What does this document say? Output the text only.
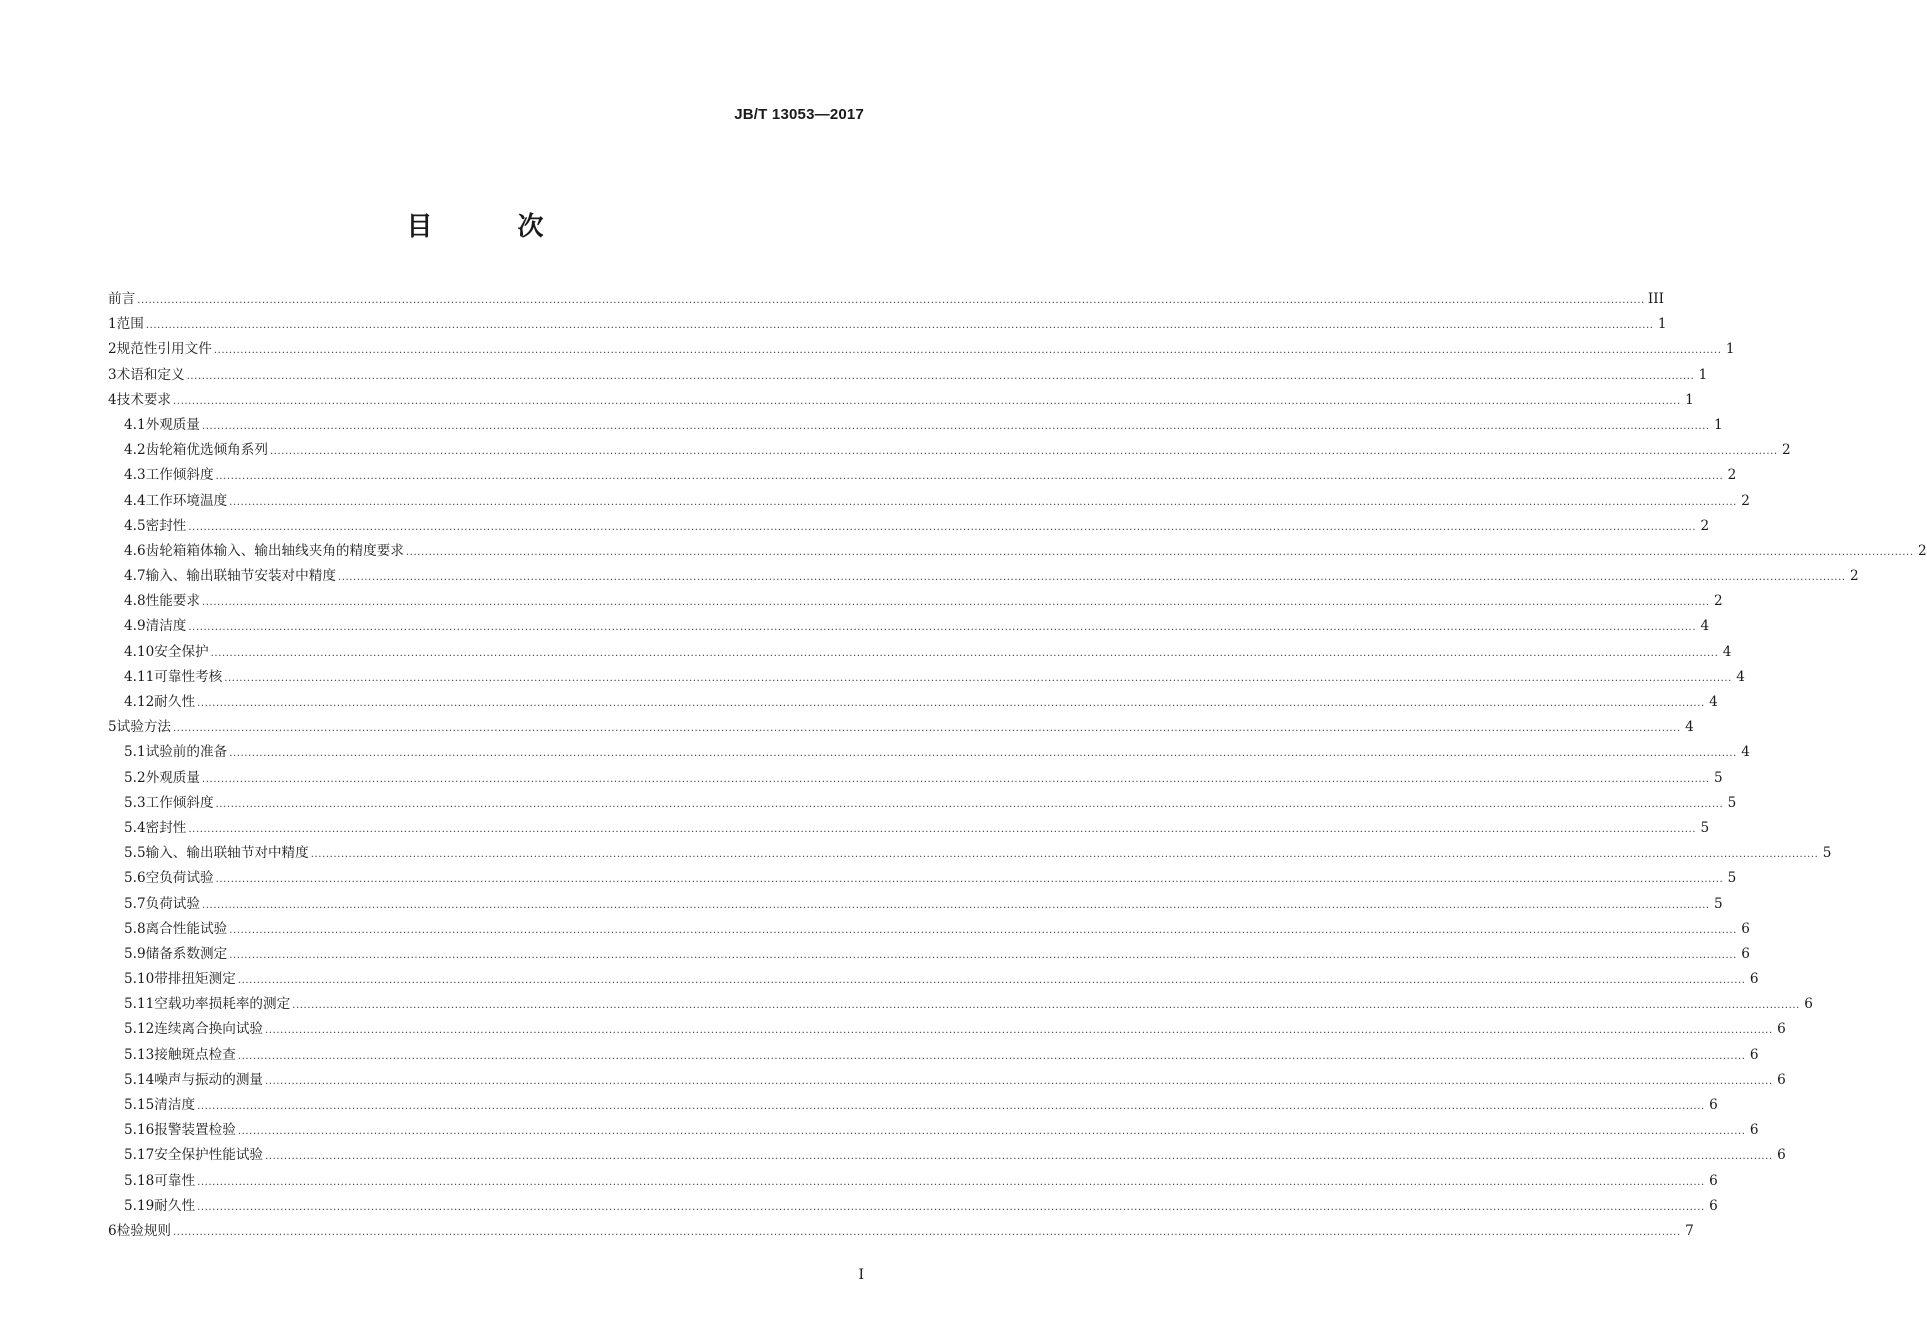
JB/T 13053—2017
目 次
前言 ............................................................................................................................................................................................................................................................................................................................................................................................................... III
1 范围 ............................................................................................................................................................................................................................................................................................................................................................................................................... 1
2 规范性引用文件 ............................................................................................................................................................................................................................................................................................................................................................................................................... 1
3 术语和定义 ............................................................................................................................................................................................................................................................................................................................................................................................................... 1
4 技术要求 ............................................................................................................................................................................................................................................................................................................................................................................................................... 1
4.1 外观质量 ............................................................................................................................................................................................................................................................................................................................................................................................................... 1
4.2 齿轮箱优选倾角系列 ............................................................................................................................................................................................................................................................................................................................................................................................................... 2
4.3 工作倾斜度 ............................................................................................................................................................................................................................................................................................................................................................................................................... 2
4.4 工作环境温度 ............................................................................................................................................................................................................................................................................................................................................................................................................... 2
4.5 密封性 ............................................................................................................................................................................................................................................................................................................................................................................................................... 2
4.6 齿轮箱箱体输入、输出轴线夹角的精度要求 ............................................................................................................................................................................................................................................................................................................................................................................................................... 2
4.7 输入、输出联轴节安装对中精度 ............................................................................................................................................................................................................................................................................................................................................................................................................... 2
4.8 性能要求 ............................................................................................................................................................................................................................................................................................................................................................................................................... 2
4.9 清洁度 ............................................................................................................................................................................................................................................................................................................................................................................................................... 4
4.10 安全保护 ............................................................................................................................................................................................................................................................................................................................................................................................................... 4
4.11 可靠性考核 ............................................................................................................................................................................................................................................................................................................................................................................................................... 4
4.12 耐久性 ............................................................................................................................................................................................................................................................................................................................................................................................................... 4
5 试验方法 ............................................................................................................................................................................................................................................................................................................................................................................................................... 4
5.1 试验前的准备 ............................................................................................................................................................................................................................................................................................................................................................................................................... 4
5.2 外观质量 ............................................................................................................................................................................................................................................................................................................................................................................................................... 5
5.3 工作倾斜度 ............................................................................................................................................................................................................................................................................................................................................................................................................... 5
5.4 密封性 ............................................................................................................................................................................................................................................................................................................................................................................................................... 5
5.5 输入、输出联轴节对中精度 ............................................................................................................................................................................................................................................................................................................................................................................................................... 5
5.6 空负荷试验 ............................................................................................................................................................................................................................................................................................................................................................................................................... 5
5.7 负荷试验 ............................................................................................................................................................................................................................................................................................................................................................................................................... 5
5.8 离合性能试验 ............................................................................................................................................................................................................................................................................................................................................................................................................... 6
5.9 储备系数测定 ............................................................................................................................................................................................................................................................................................................................................................................................................... 6
5.10 带排扭矩测定 ............................................................................................................................................................................................................................................................................................................................................................................................................... 6
5.11 空载功率损耗率的测定 ............................................................................................................................................................................................................................................................................................................................................................................................................... 6
5.12 连续离合换向试验 ............................................................................................................................................................................................................................................................................................................................................................................................................... 6
5.13 接触斑点检查 ............................................................................................................................................................................................................................................................................................................................................................................................................... 6
5.14 噪声与振动的测量 ............................................................................................................................................................................................................................................................................................................................................................................................................... 6
5.15 清洁度 ............................................................................................................................................................................................................................................................................................................................................................................................................... 6
5.16 报警装置检验 ............................................................................................................................................................................................................................................................................................................................................................................................................... 6
5.17 安全保护性能试验 ............................................................................................................................................................................................................................................................................................................................................................................................................... 6
5.18 可靠性 ............................................................................................................................................................................................................................................................................................................................................................................................................... 6
5.19 耐久性 ............................................................................................................................................................................................................................................................................................................................................................................................................... 6
6 检验规则 ............................................................................................................................................................................................................................................................................................................................................................................................................... 7
I
